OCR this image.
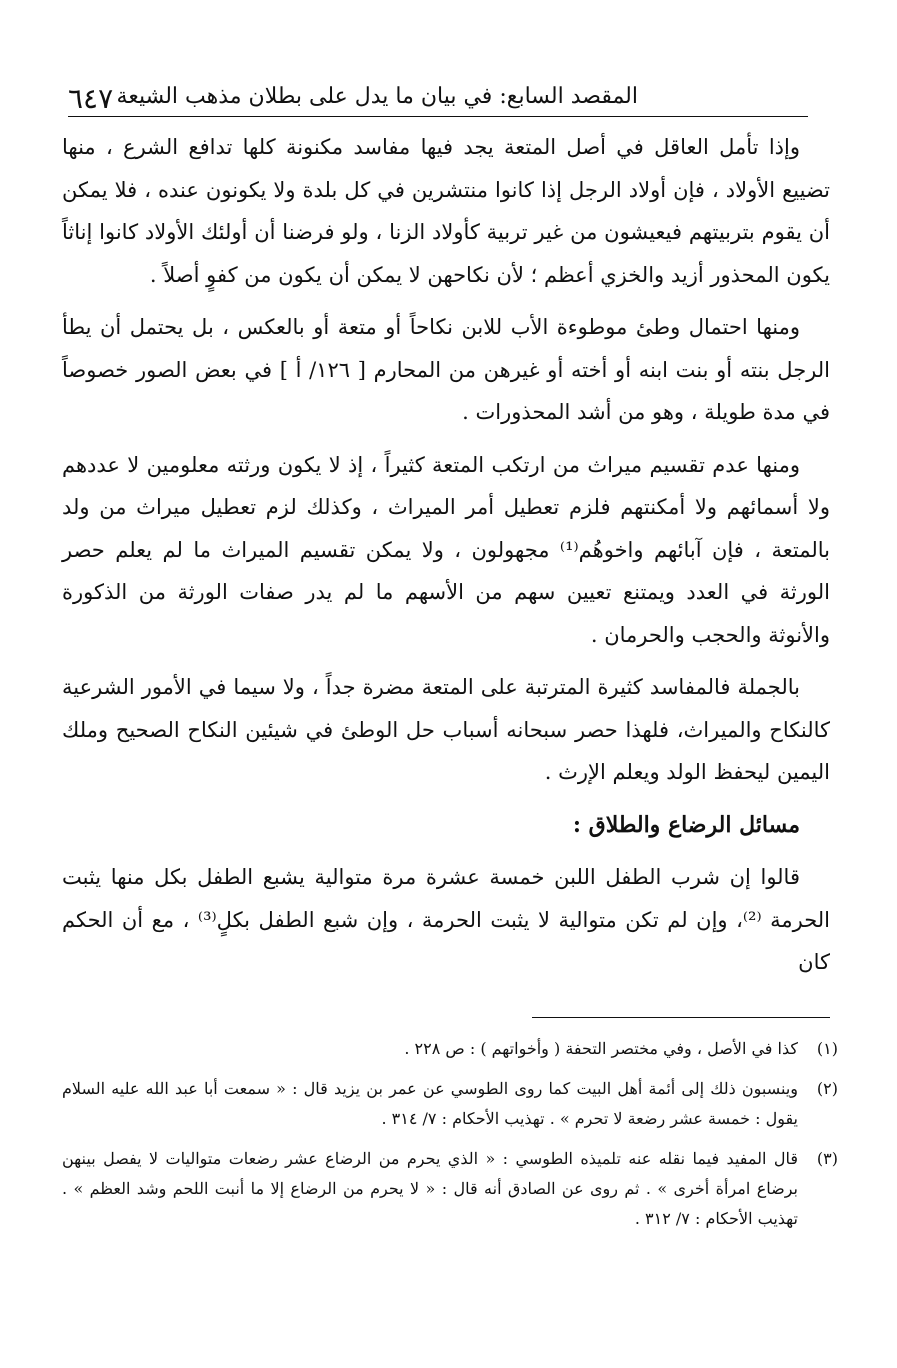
المقصد السابع: في بيان ما يدل على بطلان مذهب الشيعة
٦٤٧

وإذا تأمل العاقل في أصل المتعة يجد فيها مفاسد مكنونة كلها تدافع الشرع ، منها تضييع الأولاد ، فإن أولاد الرجل إذا كانوا منتشرين في كل بلدة ولا يكونون عنده ، فلا يمكن أن يقوم بتربيتهم فيعيشون من غير تربية كأولاد الزنا ، ولو فرضنا أن أولئك الأولاد كانوا إناثاً يكون المحذور أزيد والخزي أعظم ؛ لأن نكاحهن لا يمكن أن يكون من كفوٍ أصلاً .

ومنها احتمال وطئ موطوءة الأب للابن نكاحاً أو متعة أو بالعكس ، بل يحتمل أن يطأ الرجل بنته أو بنت ابنه أو أخته أو غيرهن من المحارم [ ١٢٦/ أ ] في بعض الصور خصوصاً في مدة طويلة ، وهو من أشد المحذورات .

ومنها عدم تقسيم ميراث من ارتكب المتعة كثيراً ، إذ لا يكون ورثته معلومين لا عددهم ولا أسمائهم ولا أمكنتهم فلزم تعطيل أمر الميراث ، وكذلك لزم تعطيل ميراث من ولد بالمتعة ، فإن آبائهم واخوهُم⁽¹⁾ مجهولون ، ولا يمكن تقسيم الميراث ما لم يعلم حصر الورثة في العدد ويمتنع تعيين سهم من الأسهم ما لم يدر صفات الورثة من الذكورة والأنوثة والحجب والحرمان .

بالجملة فالمفاسد كثيرة المترتبة على المتعة مضرة جداً ، ولا سيما في الأمور الشرعية كالنكاح والميراث، فلهذا حصر سبحانه أسباب حل الوطئ في شيئين النكاح الصحيح وملك اليمين ليحفظ الولد ويعلم الإرث .

مسائل الرضاع والطلاق :

قالوا إن شرب الطفل اللبن خمسة عشرة مرة متوالية يشبع الطفل بكل منها يثبت الحرمة ⁽²⁾، وإن لم تكن متوالية لا يثبت الحرمة ، وإن شبع الطفل بكلٍ⁽³⁾ ، مع أن الحكم كان

(١)
كذا في الأصل ، وفي مختصر التحفة ( وأخواتهم ) : ص ٢٢٨ .
(٢)
وينسبون ذلك إلى أئمة أهل البيت كما روى الطوسي عن عمر بن يزيد قال : « سمعت أبا عبد الله عليه السلام يقول : خمسة عشر رضعة لا تحرم » . تهذيب الأحكام : ٧/ ٣١٤ .
(٣)
قال المفيد فيما نقله عنه تلميذه الطوسي : « الذي يحرم من الرضاع عشر رضعات متواليات لا يفصل بينهن برضاع امرأة أخرى » . ثم روى عن الصادق أنه قال : « لا يحرم من الرضاع إلا ما أنبت اللحم وشد العظم » . تهذيب الأحكام : ٧/ ٣١٢ .
